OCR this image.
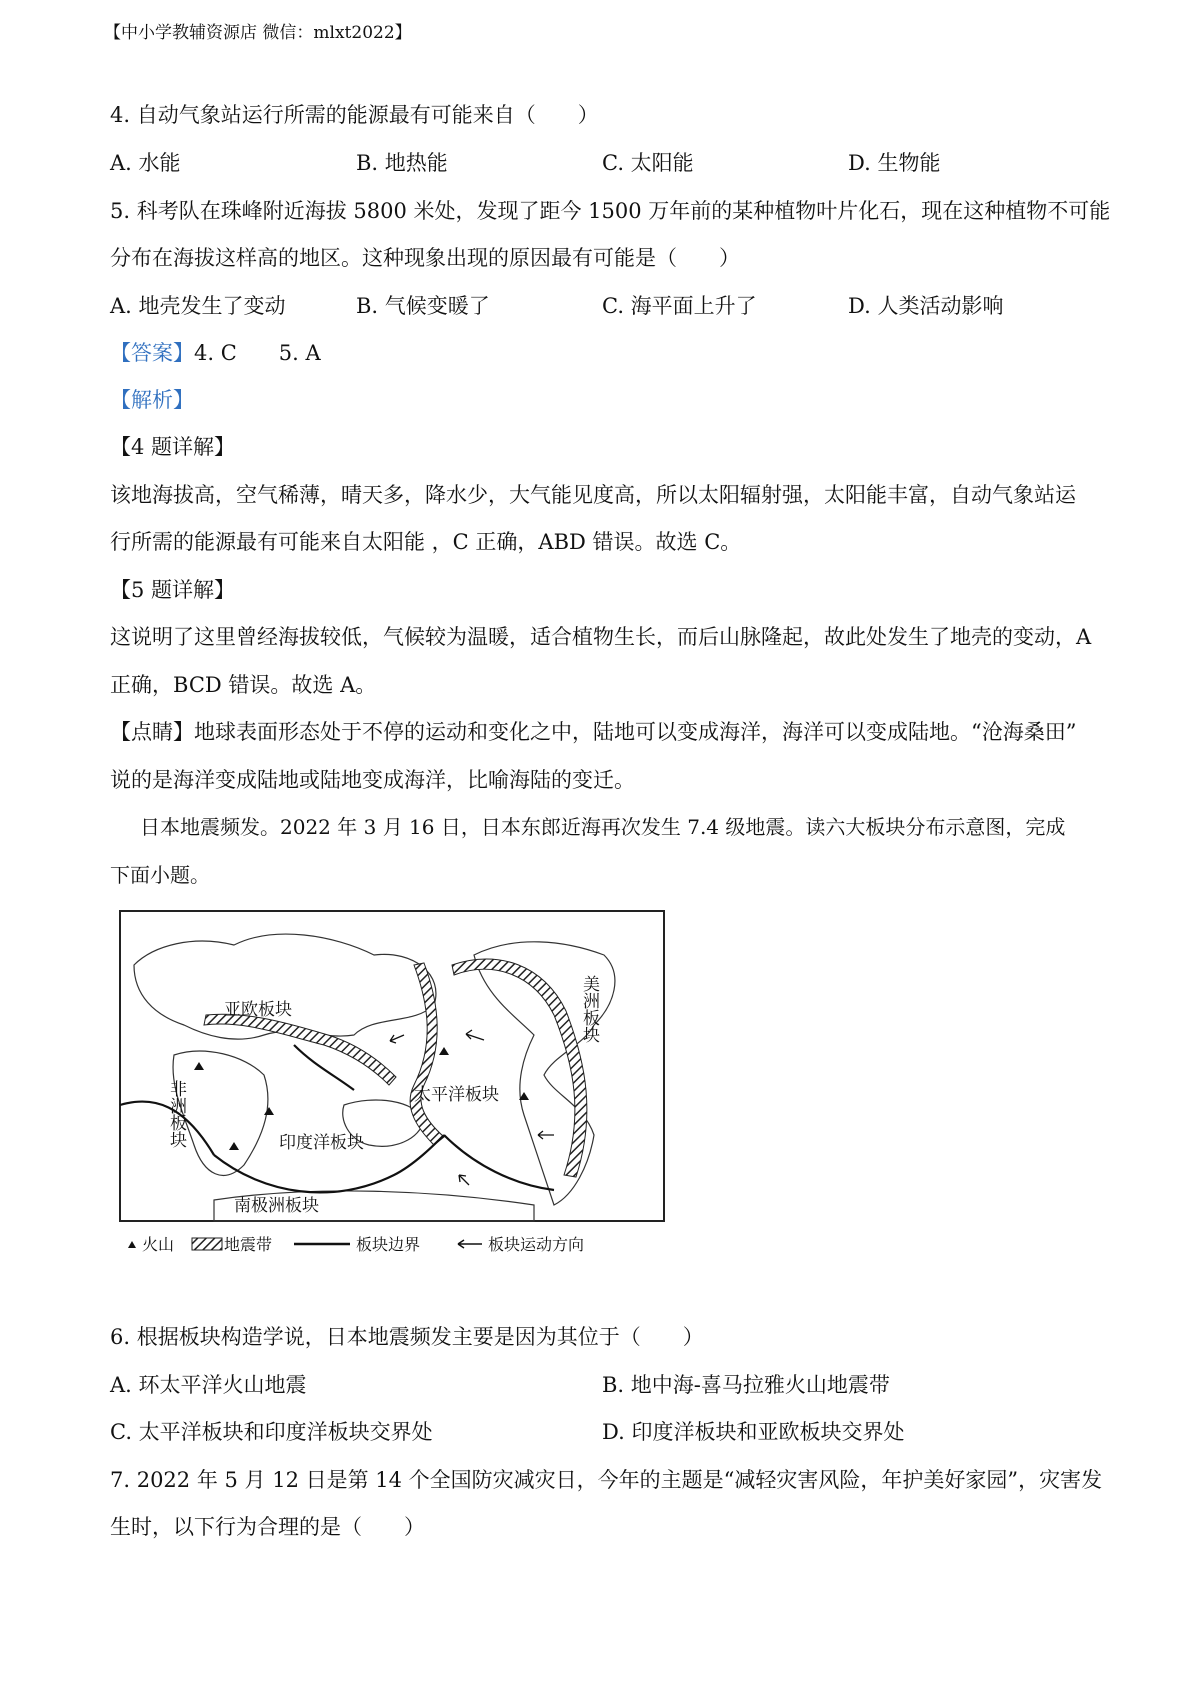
【中小学教辅资源店 微信：mlxt2022】
4. 自动气象站运行所需的能源最有可能来自（　　）
A. 水能	B. 地热能	C. 太阳能	D. 生物能
5. 科考队在珠峰附近海拔 5800 米处，发现了距今 1500 万年前的某种植物叶片化石，现在这种植物不可能
分布在海拔这样高的地区。这种现象出现的原因最有可能是（　　）
A. 地壳发生了变动	B. 气候变暖了	C. 海平面上升了	D. 人类活动影响
【答案】4. C　　5. A
【解析】
【4 题详解】
该地海拔高，空气稀薄，晴天多，降水少，大气能见度高，所以太阳辐射强，太阳能丰富，自动气象站运
行所需的能源最有可能来自太阳能 ，C 正确，ABD 错误。故选 C。
【5 题详解】
这说明了这里曾经海拔较低，气候较为温暖，适合植物生长，而后山脉隆起，故此处发生了地壳的变动，A
正确，BCD 错误。故选 A。
【点睛】地球表面形态处于不停的运动和变化之中，陆地可以变成海洋，海洋可以变成陆地。“沧海桑田”
说的是海洋变成陆地或陆地变成海洋，比喻海陆的变迁。
日本地震频发。2022 年 3 月 16 日，日本东郎近海再次发生 7.4 级地震。读六大板块分布示意图，完成
下面小题。
亚欧板块
非洲板块	印度洋板块
太平洋板块
美洲板块
南极洲板块
火山	地震带	板块边界	板块运动方向
6. 根据板块构造学说，日本地震频发主要是因为其位于（　　）
A. 环太平洋火山地震	B. 地中海-喜马拉雅火山地震带
C. 太平洋板块和印度洋板块交界处	D. 印度洋板块和亚欧板块交界处
7. 2022 年 5 月 12 日是第 14 个全国防灾减灾日，今年的主题是“减轻灾害风险，年护美好家园”，灾害发
生时，以下行为合理的是（　　）
